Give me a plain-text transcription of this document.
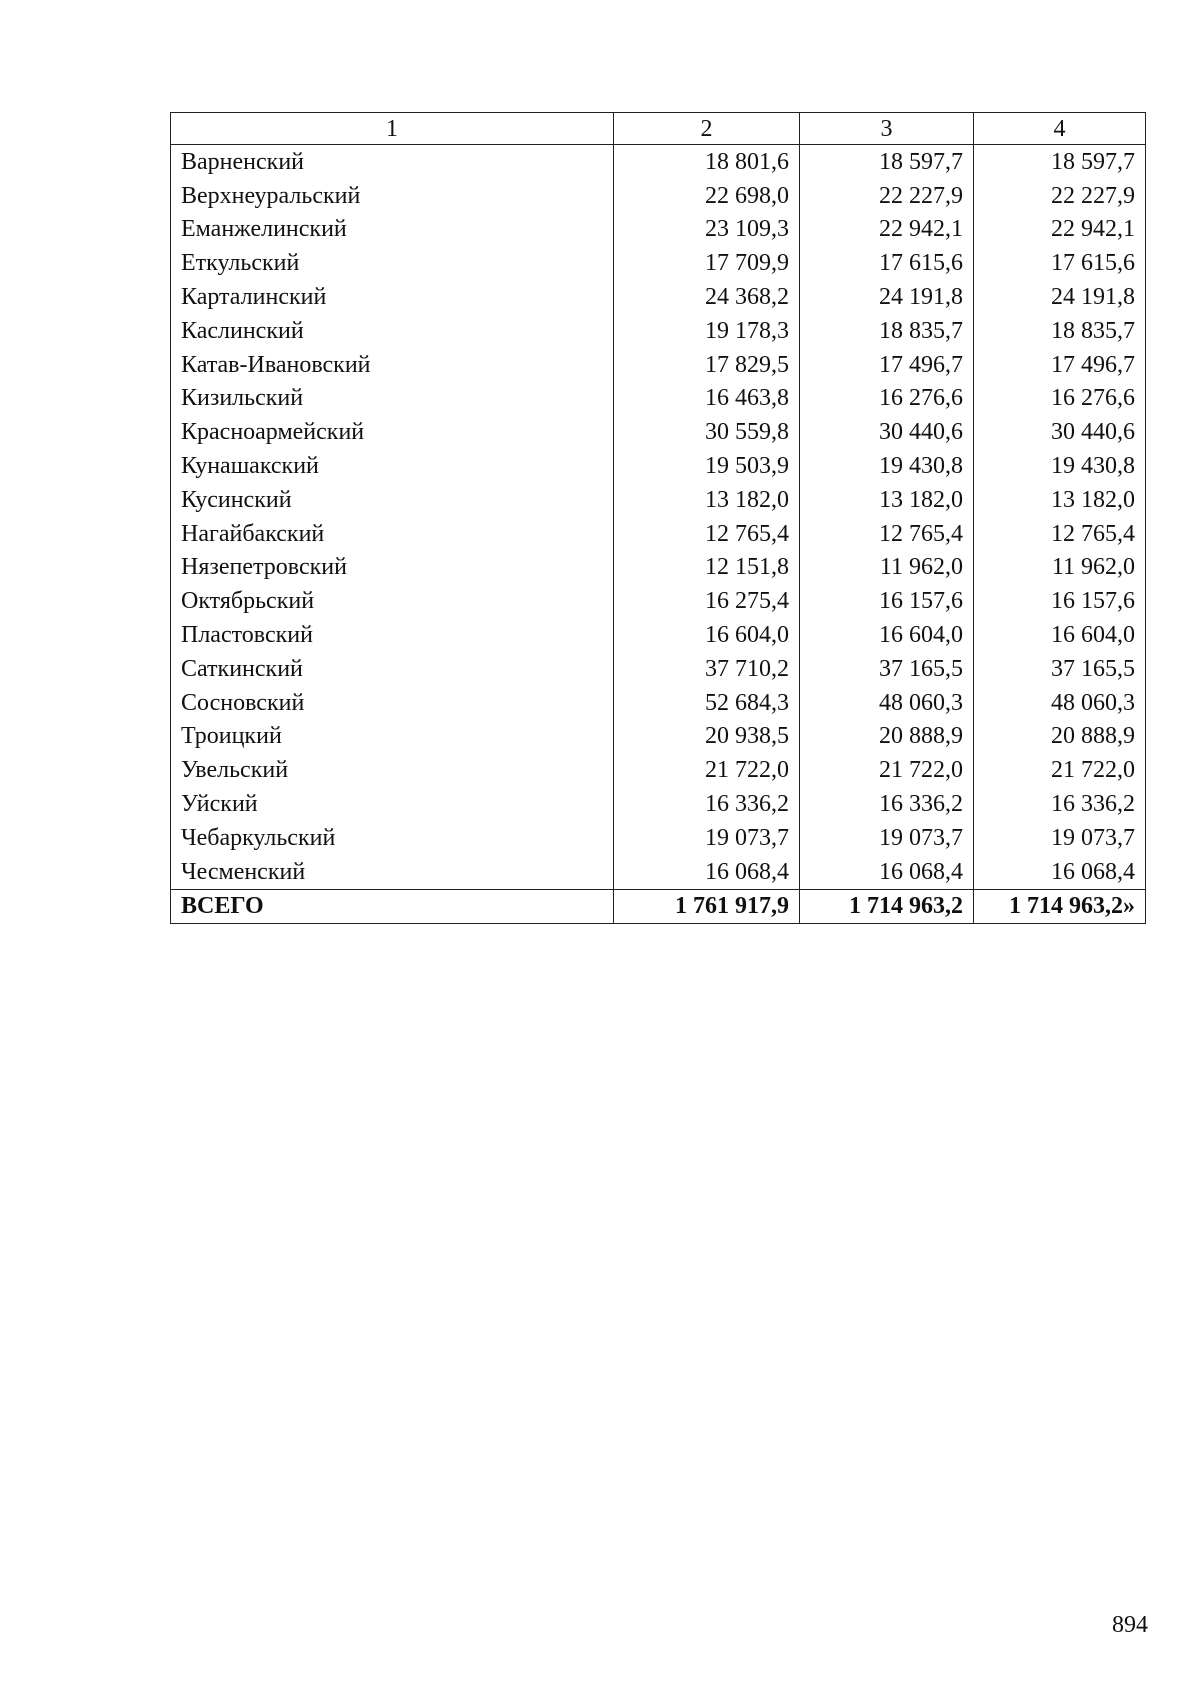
1	2	3	4
Варненский	18 801,6	18 597,7	18 597,7
Верхнеуральский	22 698,0	22 227,9	22 227,9
Еманжелинский	23 109,3	22 942,1	22 942,1
Еткульский	17 709,9	17 615,6	17 615,6
Карталинский	24 368,2	24 191,8	24 191,8
Каслинский	19 178,3	18 835,7	18 835,7
Катав-Ивановский	17 829,5	17 496,7	17 496,7
Кизильский	16 463,8	16 276,6	16 276,6
Красноармейский	30 559,8	30 440,6	30 440,6
Кунашакский	19 503,9	19 430,8	19 430,8
Кусинский	13 182,0	13 182,0	13 182,0
Нагайбакский	12 765,4	12 765,4	12 765,4
Нязепетровский	12 151,8	11 962,0	11 962,0
Октябрьский	16 275,4	16 157,6	16 157,6
Пластовский	16 604,0	16 604,0	16 604,0
Саткинский	37 710,2	37 165,5	37 165,5
Сосновский	52 684,3	48 060,3	48 060,3
Троицкий	20 938,5	20 888,9	20 888,9
Увельский	21 722,0	21 722,0	21 722,0
Уйский	16 336,2	16 336,2	16 336,2
Чебаркульский	19 073,7	19 073,7	19 073,7
Чесменский	16 068,4	16 068,4	16 068,4
ВСЕГО	1 761 917,9	1 714 963,2	1 714 963,2»
894
